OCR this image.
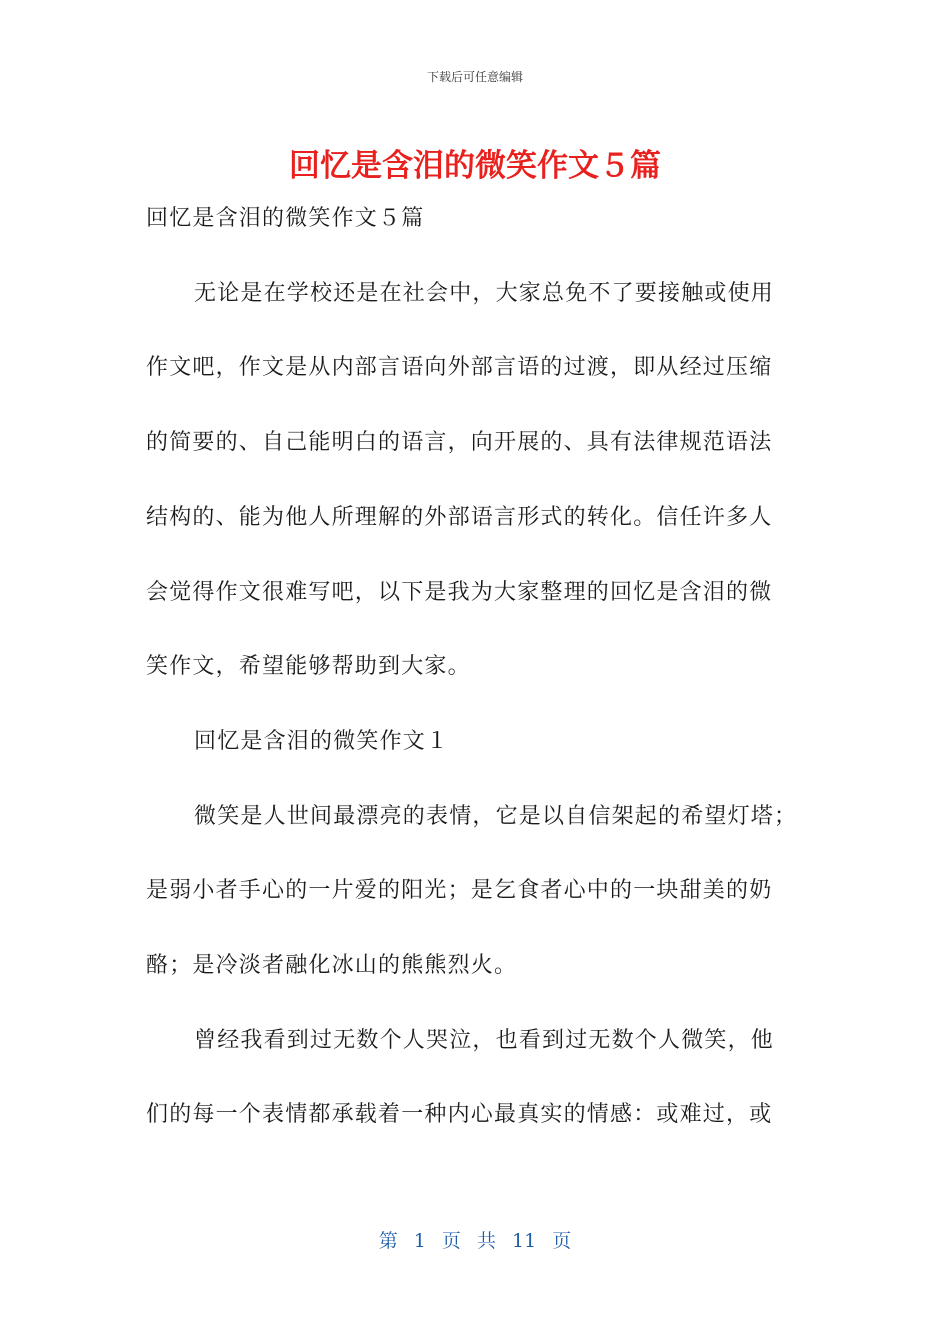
下载后可任意编辑
回忆是含泪的微笑作文５篇

回忆是含泪的微笑作文５篇

无论是在学校还是在社会中，大家总免不了要接触或使用

作文吧，作文是从内部言语向外部言语的过渡，即从经过压缩

的简要的、自己能明白的语言，向开展的、具有法律规范语法

结构的、能为他人所理解的外部语言形式的转化。信任许多人

会觉得作文很难写吧，以下是我为大家整理的回忆是含泪的微

笑作文，希望能够帮助到大家。

回忆是含泪的微笑作文１

微笑是人世间最漂亮的表情，它是以自信架起的希望灯塔；

是弱小者手心的一片爱的阳光；是乞食者心中的一块甜美的奶

酪；是冷淡者融化冰山的熊熊烈火。

曾经我看到过无数个人哭泣，也看到过无数个人微笑，他

们的每一个表情都承载着一种内心最真实的情感：或难过，或

第 1 页 共 11 页
